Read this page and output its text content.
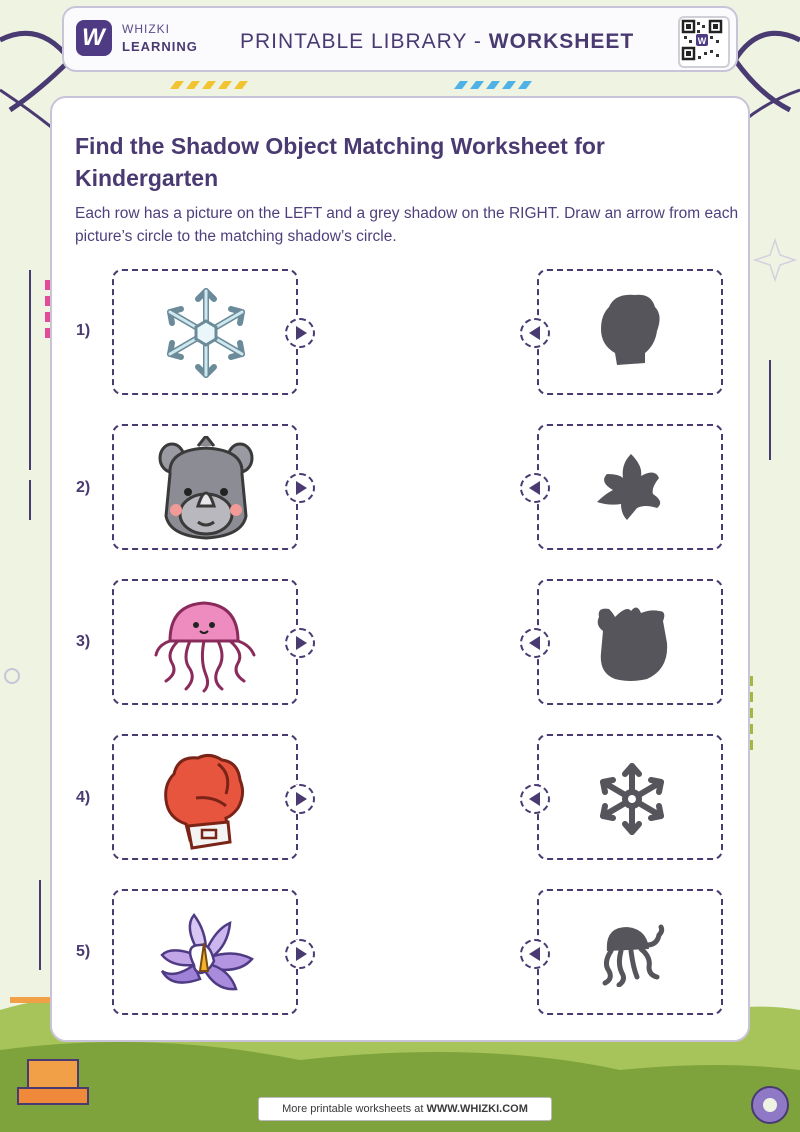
W WHIZKI
LEARNING PRINTABLE LIBRARY - WORKSHEET	W
Find the Shadow Object Matching Worksheet for Kindergarten
Each row has a picture on the LEFT and a grey shadow on the RIGHT. Draw an arrow from each picture’s circle to the matching shadow’s circle.
1)
2)
3)
4)
5)
More printable worksheets at WWW.WHIZKI.COM
